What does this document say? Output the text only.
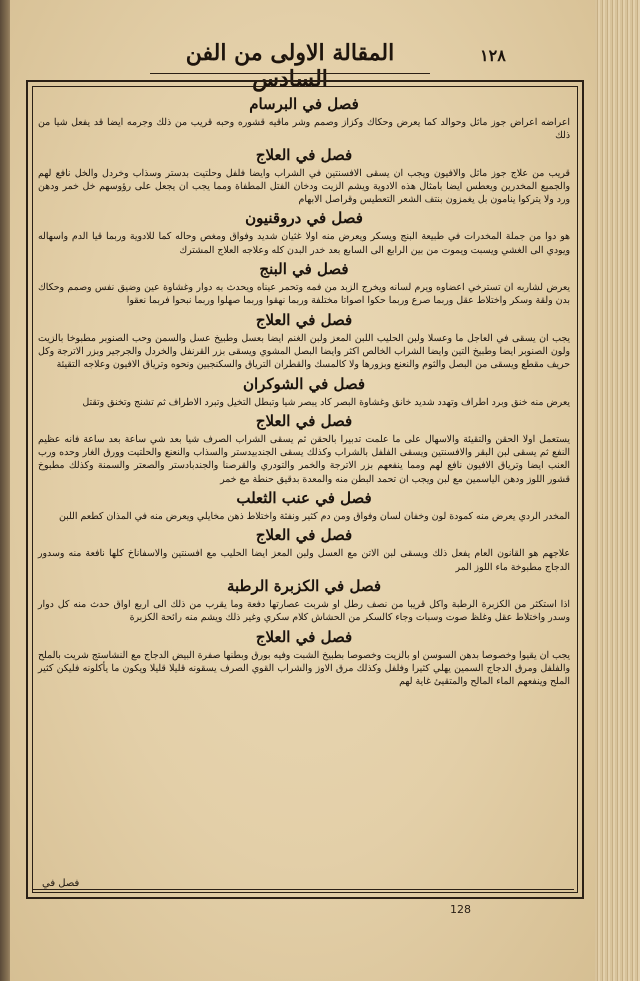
المقالة الاولى من الفن السادس
١٢٨
فصل في البرسام
اعراضه اعراض جوز ماثل وحوالد كما يعرض وحكاك وكزاز وصمم وشر ماقيه قشوره وحبه قريب من ذلك وجرمه ايضا قد يفعل شيا من ذلك
فصل في العلاج
قريب من علاج جوز ماثل والافيون ويجب ان يسقى الافسنتين في الشراب وايضا فلفل وحلتيت بدستر وسذاب وخردل والخل نافع لهم والجميع المخدرين ويعطس ايضا بامثال هذه الادوية ويشم الزيت ودخان الفتل المطفاة ومما يجب ان يجعل على رؤوسهم خل خمر ودهن ورد ولا يتركوا ينامون بل يغمزون بنتف الشعر التعطيس وقراصل الابهام
فصل في دروقنيون
هو دوا من جملة المخدرات في طبيعة البنج ويسكر ويعرض منه اولا غثيان شديد وفواق ومغص وحاله كما للادوية وربما قيا الدم واسهاله ويودي الى الغشي ويسبت ويموت من بين الرابع الى السابع بعد خدر البدن كله وعلاجه العلاج المشترك
فصل في البنج
يعرض لشاربه ان تسترخي اعضاوه ويرم لسانه ويخرج الزبد من فمه وتحمر عيناه ويحدث به دوار وغشاوة عين وضيق نفس وصمم وحكاك بدن ولقة وسكر واختلاط عقل وربما صرع وربما حكوا اصواتا مختلفة وربما نهقوا وربما صهلوا وربما نبحوا فربما نعقوا
فصل في العلاج
يجب ان يسقى في العاجل ما وعسلا ولبن الحليب اللبن المعز ولبن الغنم ايضا بعسل وطبيخ عسل والسمن وحب الصنوبر مطبوخا بالزيت ولون الصنوبر ايضا وطبيخ التين وايضا الشراب الخالص اكثر وايضا البصل المشوي ويسقى بزر القرنفل والخردل والجرجير وبزر الاترجة وكل حريف مقطع ويسقى من البصل والثوم والنعنع وبزورها ولا كالمسك والقطران الترياق والسكنجبين ونحوه وترياق الافيون وعلاجه التقيئة
فصل في الشوكران
يعرض منه خنق وبرد اطراف وتهدد شديد خانق وغشاوة البصر كاد يبصر شيا وتبطل التخيل وتبرد الاطراف ثم تشنج وتخنق وتقتل
فصل في العلاج
يستعمل اولا الحقن والتقيئة والاسهال على ما علمت تدبيرا بالحقن ثم يسقى الشراب الصرف شيا بعد شي ساعة بعد ساعة فانه عظيم النفع ثم يسقى لبن البقر والافسنتين ويسقى الفلفل بالشراب وكذلك يسقى الجندبيدستر والسذاب والنعنع والحلتيت وورق الغار وحده ورب العنب ايضا وترياق الافيون نافع لهم ومما ينفعهم بزر الاترجة والخمر والتودري والقرصنا والجندبادستر والصعتر والسمنة وكذلك مطبوخ قشور اللوز ودهن الياسمين مع لبن ويجب ان تحمد البطن منه والمعدة بدقيق حنطة مع خمر
فصل في عنب الثعلب
المخدر الردي يعرض منه كمودة لون وخفان لسان وفواق ومن دم كثير ونفثة واختلاط ذهن مخايلي ويعرض منه في المذان كطعم اللبن
فصل في العلاج
علاجهم هو القانون العام يفعل ذلك ويسقى لبن الاتن مع العسل ولبن المعز ايضا الحليب مع افسنتين والاسفاناخ كلها نافعة منه وسدور الدجاج مطبوخة ماء اللوز المر
فصل في الكزبرة الرطبة
اذا استكثر من الكزبرة الرطبة واكل قريبا من نصف رطل او شربت عصارتها دفعة وما يقرب من ذلك الى اربع اواق حدث منه كل دوار وسدر واختلاط عقل وغلظ صوت وسبات وجاء كالسكر من الحشاش كلام سكري وغير ذلك ويشم منه رائحة الكزبرة
فصل في العلاج
يجب ان يقيوا وخصوصا بدهن السوسن او بالزيت وخصوصا بطبيخ الشبت وفيه بورق وبطنها صفرة البيض الدجاج مع النشاستج شريت بالملح والفلفل ومرق الدجاج السمين يهلي كثيرا وفلفل وكذلك مرق الاوز والشراب القوي الصرف يسقونه قليلا قليلا ويكون ما يأكلونه فليكن كثير الملح وينفعهم الماء المالح والمتقيئ غاية لهم
فصل في
128
